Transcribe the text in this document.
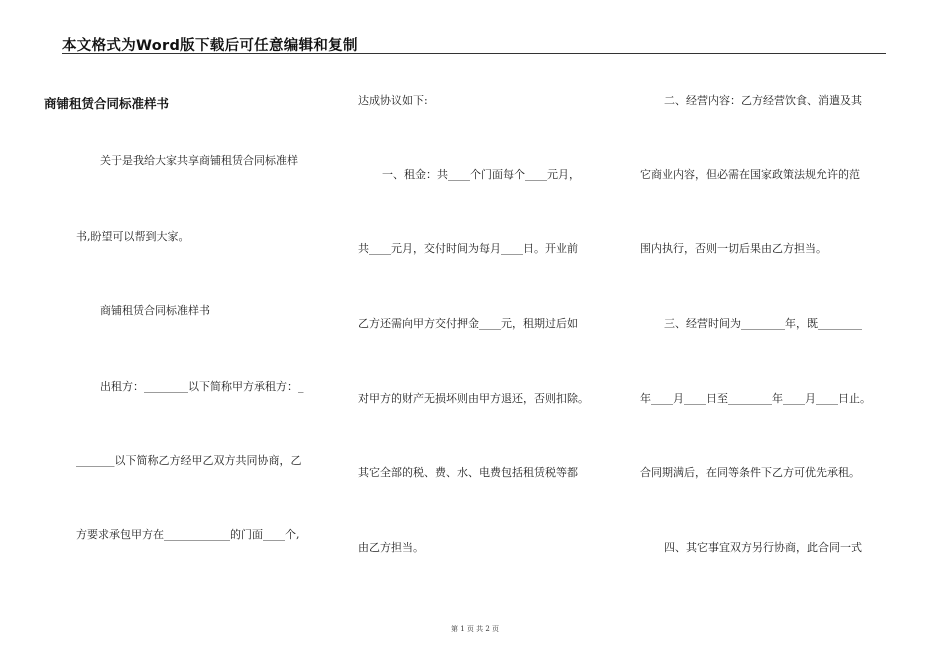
本文格式为Word版下载后可任意编辑和复制
商铺租赁合同标准样书
关于是我给大家共享商铺租赁合同标准样
书,盼望可以帮到大家。
商铺租赁合同标准样书
出租方：________以下简称甲方承租方：_
_______以下简称乙方经甲乙双方共同协商，乙
方要求承包甲方在____________的门面____个,
达成协议如下:
一、租金：共____个门面每个____元月，
共____元月，交付时间为每月____日。开业前
乙方还需向甲方交付押金____元，租期过后如
对甲方的财产无损坏则由甲方退还，否则扣除。
其它全部的税、费、水、电费包括租赁税等都
由乙方担当。
二、经营内容：乙方经营饮食、消遣及其
它商业内容，但必需在国家政策法规允许的范
围内执行，否则一切后果由乙方担当。
三、经营时间为________年，既________
年____月____日至________年____月____日止。
合同期满后，在同等条件下乙方可优先承租。
四、其它事宜双方另行协商，此合同一式
第 1 页 共 2 页
